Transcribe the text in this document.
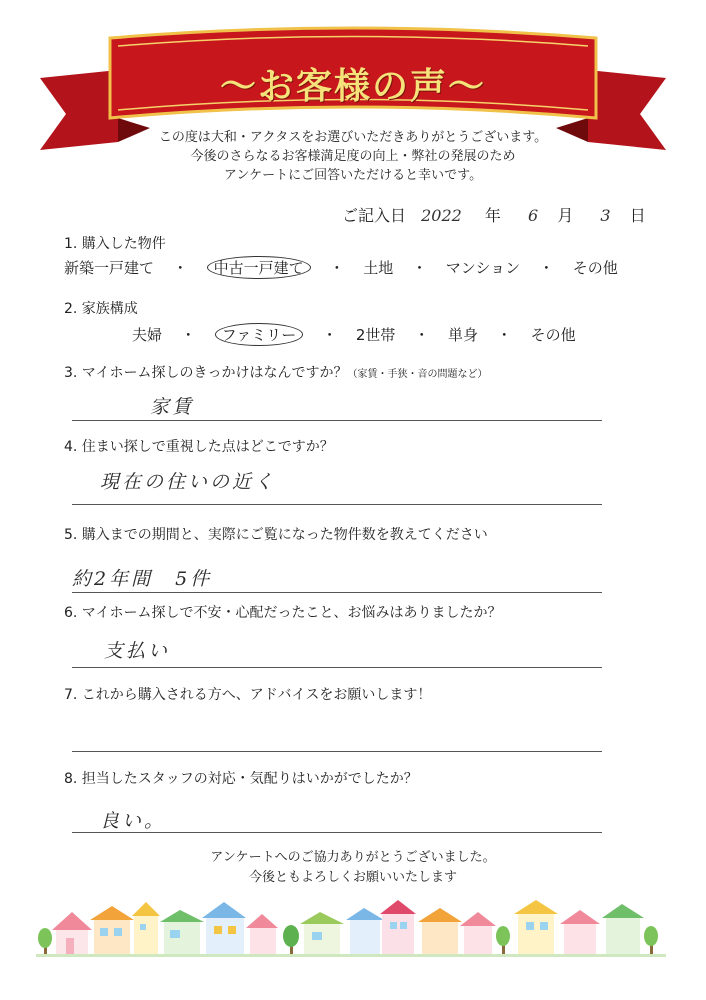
～お客様の声～
この度は大和・アクタスをお選びいただきありがとうございます。
今後のさらなるお客様満足度の向上・弊社の発展のため
アンケートにご回答いただけると幸いです。
ご記入日 2022 年 6 月 3 日
1. 購入した物件
新築一戸建て ・ 中古一戸建て ・ 土地 ・ マンション ・ その他
2. 家族構成
夫婦 ・ ファミリー ・ 2世帯 ・ 単身 ・ その他
3. マイホーム探しのきっかけはなんですか？（家賃・手狭・音の問題など）
家賃
4. 住まい探しで重視した点はどこですか？
現在の住いの近く
5. 購入までの期間と、実際にご覧になった物件数を教えてください
約2年間　5件
6. マイホーム探しで不安・心配だったこと、お悩みはありましたか？
支払い
7. これから購入される方へ、アドバイスをお願いします！
8. 担当したスタッフの対応・気配りはいかがでしたか？
良い。
アンケートへのご協力ありがとうございました。
今後ともよろしくお願いいたします
